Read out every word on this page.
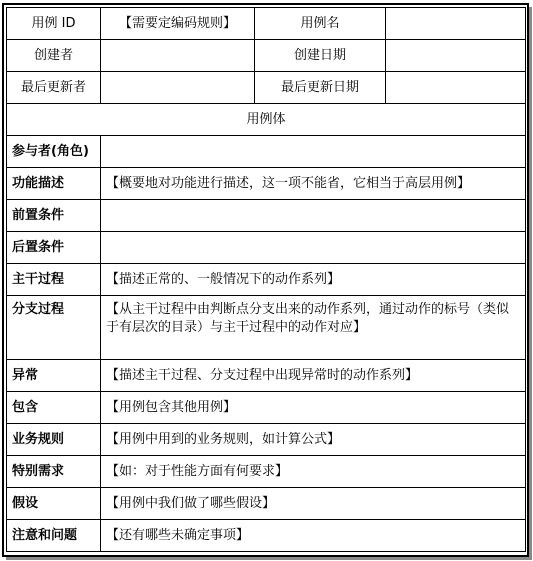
用例 ID	【需要定编码规则】	用例名	
创建者		创建日期	
最后更新者		最后更新日期	
用例体			
参与者(角色)			
功能描述	【概要地对功能进行描述，这一项不能省，它相当于高层用例】		
前置条件			
后置条件			
主干过程	【描述正常的、一般情况下的动作系列】		
分支过程	【从主干过程中由判断点分支出来的动作系列，通过动作的标号（类似于有层次的目录）与主干过程中的动作对应】		
异常	【描述主干过程、分支过程中出现异常时的动作系列】		
包含	【用例包含其他用例】		
业务规则	【用例中用到的业务规则，如计算公式】		
特别需求	【如：对于性能方面有何要求】		
假设	【用例中我们做了哪些假设】		
注意和问题	【还有哪些未确定事项】		
